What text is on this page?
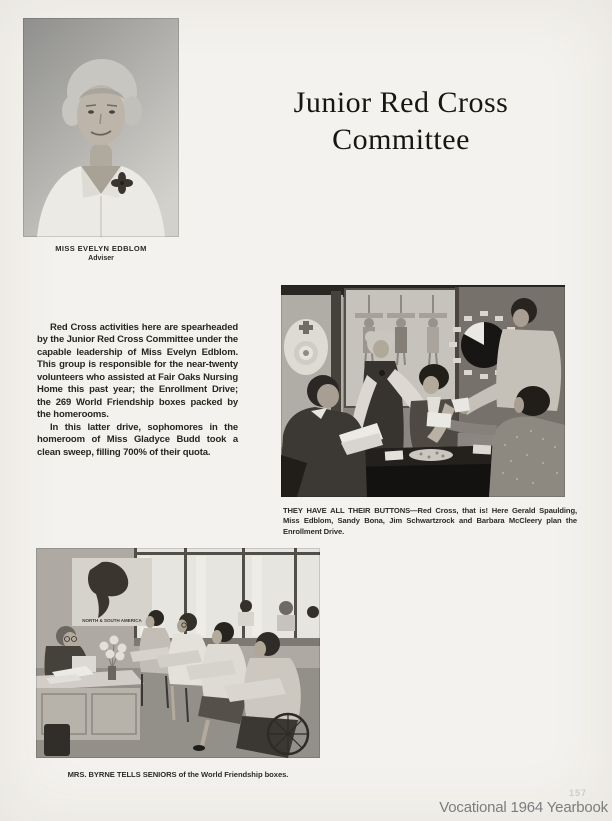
MISS EVELYN EDBLOM
Adviser
Junior Red Cross
Committee

Red Cross activities here are spearheaded by the Junior Red Cross Committee under the capable leadership of Miss Evelyn Edblom. This group is responsible for the near-twenty volunteers who assisted at Fair Oaks Nursing Home this past year; the Enrollment Drive; the 269 World Friendship boxes packed by the homerooms.

In this latter drive, sophomores in the homeroom of Miss Gladyce Budd took a clean sweep, filling 700% of their quota.

THEY HAVE ALL THEIR BUTTONS—Red Cross, that is! Here Gerald Spaulding, Miss Edblom, Sandy Bona, Jim Schwartzrock and Barbara McCleery plan the Enrollment Drive.
NORTH & SOUTH AMERICA
MRS. BYRNE TELLS SENIORS of the World Friendship boxes.
157
Vocational 1964 Yearbook
